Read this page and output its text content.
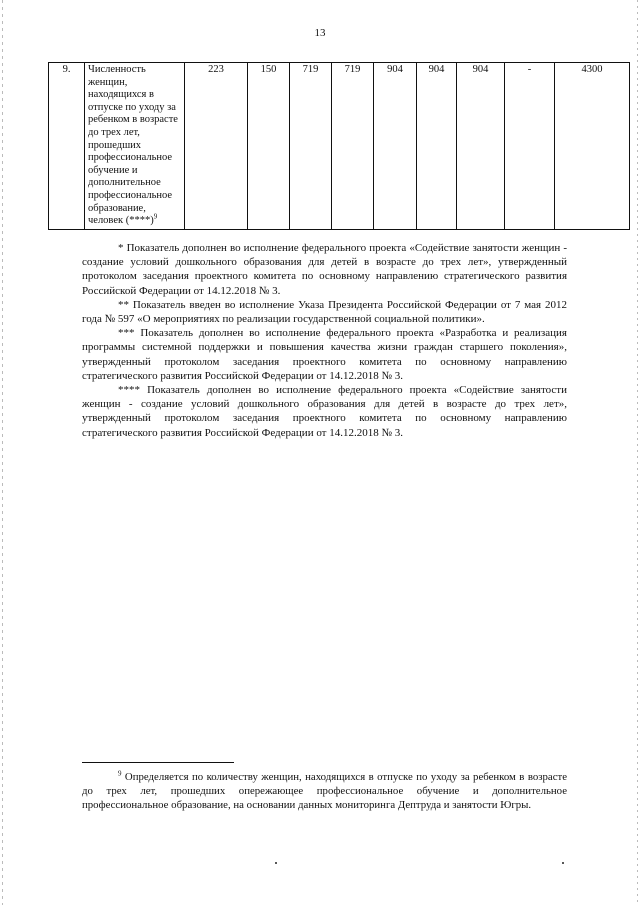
13
9.	Численность женщин, находящихся в отпуске по уходу за ребенком в возрасте до трех лет, прошедших профессиональное обучение и дополнительное профессиональное образование, человек $(****)^9$	223	150	719	719	904	904	904	-	4300

* Показатель дополнен во исполнение федерального проекта «Содействие занятости женщин - создание условий дошкольного образования для детей в возрасте до трех лет», утвержденный протоколом заседания проектного комитета по основному направлению стратегического развития Российской Федерации от 14.12.2018 № 3.

** Показатель введен во исполнение Указа Президента Российской Федерации от 7 мая 2012 года № 597 «О мероприятиях по реализации государственной социальной политики».

*** Показатель дополнен во исполнение федерального проекта «Разработка и реализация программы системной поддержки и повышения качества жизни граждан старшего поколения», утвержденный протоколом заседания проектного комитета по основному направлению стратегического развития Российской Федерации от 14.12.2018 № 3.

**** Показатель дополнен во исполнение федерального проекта «Содействие занятости женщин - создание условий дошкольного образования для детей в возрасте до трех лет», утвержденный протоколом заседания проектного комитета по основному направлению стратегического развития Российской Федерации от 14.12.2018 № 3.

$^9$ Определяется по количеству женщин, находящихся в отпуске по уходу за ребенком в возрасте до трех лет, прошедших опережающее профессиональное обучение и дополнительное профессиональное образование, на основании данных мониторинга Дептруда и занятости Югры.
